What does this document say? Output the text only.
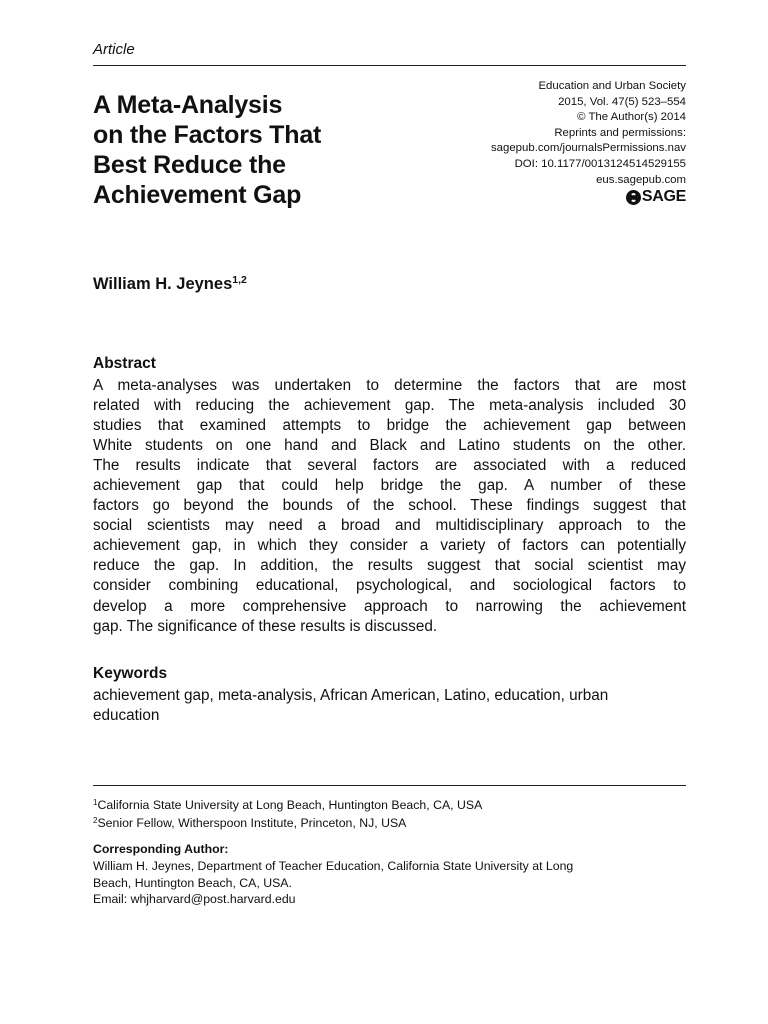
Article
A Meta-Analysis
on the Factors That
Best Reduce the
Achievement Gap
Education and Urban Society
2015, Vol. 47(5) 523–554
© The Author(s) 2014
Reprints and permissions:
sagepub.com/journalsPermissions.nav
DOI: 10.1177/0013124514529155
eus.sagepub.com
SAGE
William H. Jeynes$^{1,2}$
Abstract
A meta-analyses was undertaken to determine the factors that are most
related with reducing the achievement gap. The meta-analysis included 30
studies that examined attempts to bridge the achievement gap between
White students on one hand and Black and Latino students on the other.
The results indicate that several factors are associated with a reduced
achievement gap that could help bridge the gap. A number of these
factors go beyond the bounds of the school. These findings suggest that
social scientists may need a broad and multidisciplinary approach to the
achievement gap, in which they consider a variety of factors can potentially
reduce the gap. In addition, the results suggest that social scientist may
consider combining educational, psychological, and sociological factors to
develop a more comprehensive approach to narrowing the achievement
gap. The significance of these results is discussed.
Keywords
achievement gap, meta-analysis, African American, Latino, education, urban
education
$^1$California State University at Long Beach, Huntington Beach, CA, USA
$^2$Senior Fellow, Witherspoon Institute, Princeton, NJ, USA
Corresponding Author:
William H. Jeynes, Department of Teacher Education, California State University at Long
Beach, Huntington Beach, CA, USA.
Email: whjharvard@post.harvard.edu
